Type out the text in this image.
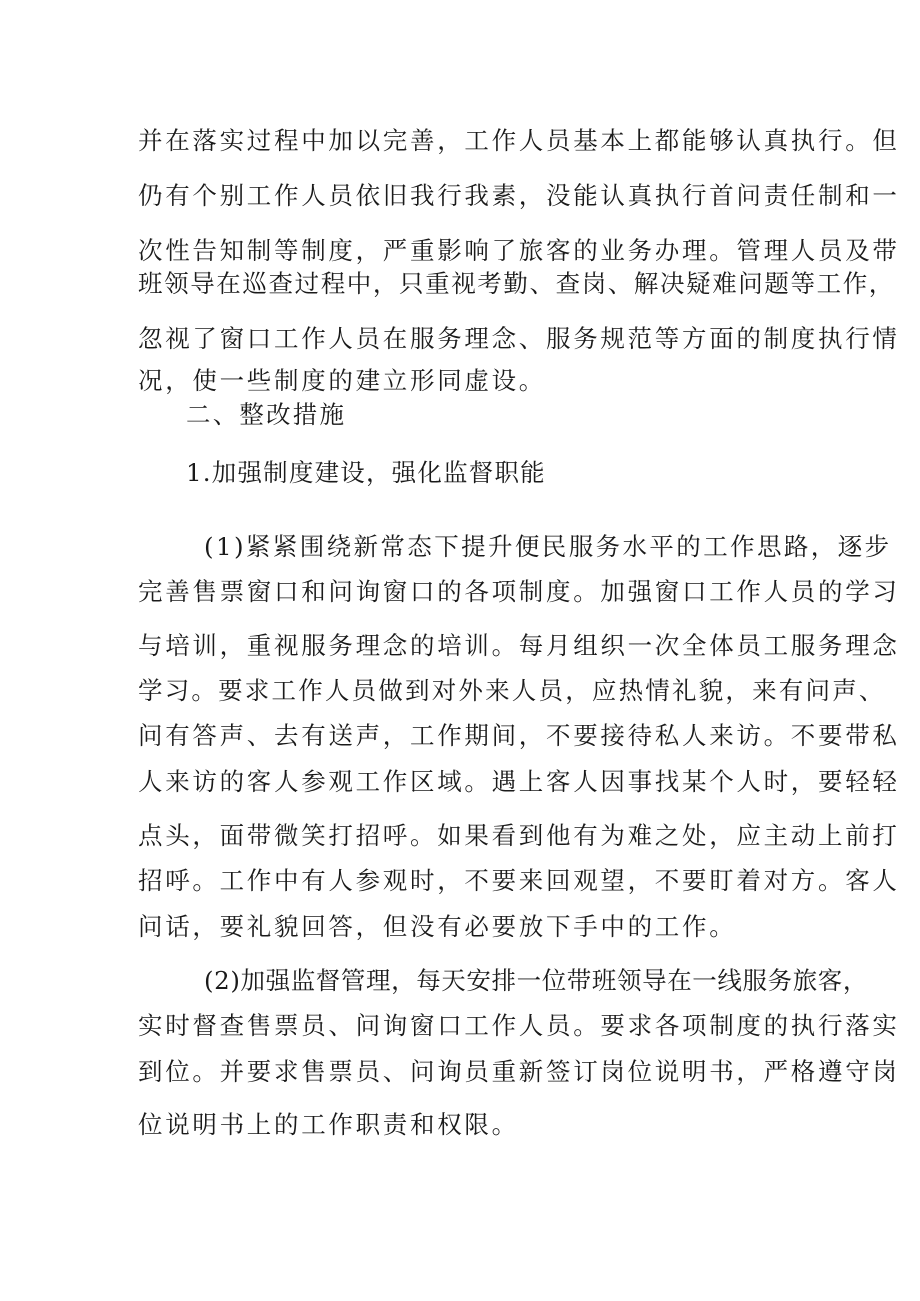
并在落实过程中加以完善，工作人员基本上都能够认真执行。但
仍有个别工作人员依旧我行我素，没能认真执行首问责任制和一
次性告知制等制度，严重影响了旅客的业务办理。管理人员及带
班领导在巡查过程中，只重视考勤、查岗、解决疑难问题等工作，
忽视了窗口工作人员在服务理念、服务规范等方面的制度执行情
况，使一些制度的建立形同虚设。
二、整改措施
1.加强制度建设，强化监督职能
(1)紧紧围绕新常态下提升便民服务水平的工作思路，逐步
完善售票窗口和问询窗口的各项制度。加强窗口工作人员的学习
与培训，重视服务理念的培训。每月组织一次全体员工服务理念
学习。要求工作人员做到对外来人员，应热情礼貌，来有问声、
问有答声、去有送声，工作期间，不要接待私人来访。不要带私
人来访的客人参观工作区域。遇上客人因事找某个人时，要轻轻
点头，面带微笑打招呼。如果看到他有为难之处，应主动上前打
招呼。工作中有人参观时，不要来回观望，不要盯着对方。客人
问话，要礼貌回答，但没有必要放下手中的工作。
(2)加强监督管理，每天安排一位带班领导在一线服务旅客，
实时督查售票员、问询窗口工作人员。要求各项制度的执行落实
到位。并要求售票员、问询员重新签订岗位说明书，严格遵守岗
位说明书上的工作职责和权限。
